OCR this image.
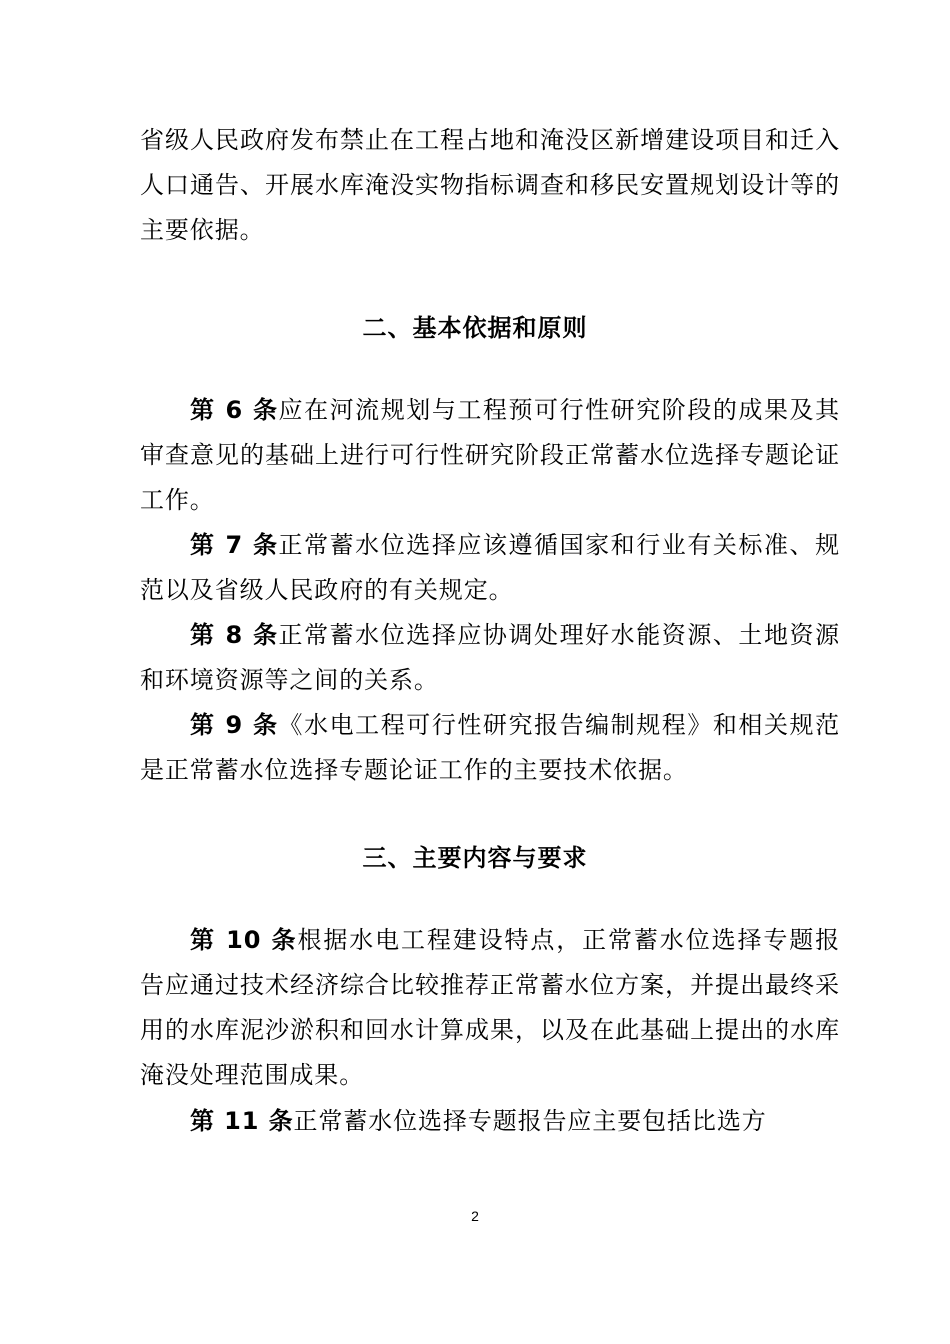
省级人民政府发布禁止在工程占地和淹没区新增建设项目和迁入人口通告、开展水库淹没实物指标调查和移民安置规划设计等的主要依据。
二、基本依据和原则
第 6 条应在河流规划与工程预可行性研究阶段的成果及其审查意见的基础上进行可行性研究阶段正常蓄水位选择专题论证工作。
第 7 条正常蓄水位选择应该遵循国家和行业有关标准、规范以及省级人民政府的有关规定。
第 8 条正常蓄水位选择应协调处理好水能资源、土地资源和环境资源等之间的关系。
第 9 条《水电工程可行性研究报告编制规程》和相关规范是正常蓄水位选择专题论证工作的主要技术依据。
三、主要内容与要求
第 10 条根据水电工程建设特点，正常蓄水位选择专题报告应通过技术经济综合比较推荐正常蓄水位方案，并提出最终采用的水库泥沙淤积和回水计算成果，以及在此基础上提出的水库淹没处理范围成果。
第 11 条正常蓄水位选择专题报告应主要包括比选方
2
